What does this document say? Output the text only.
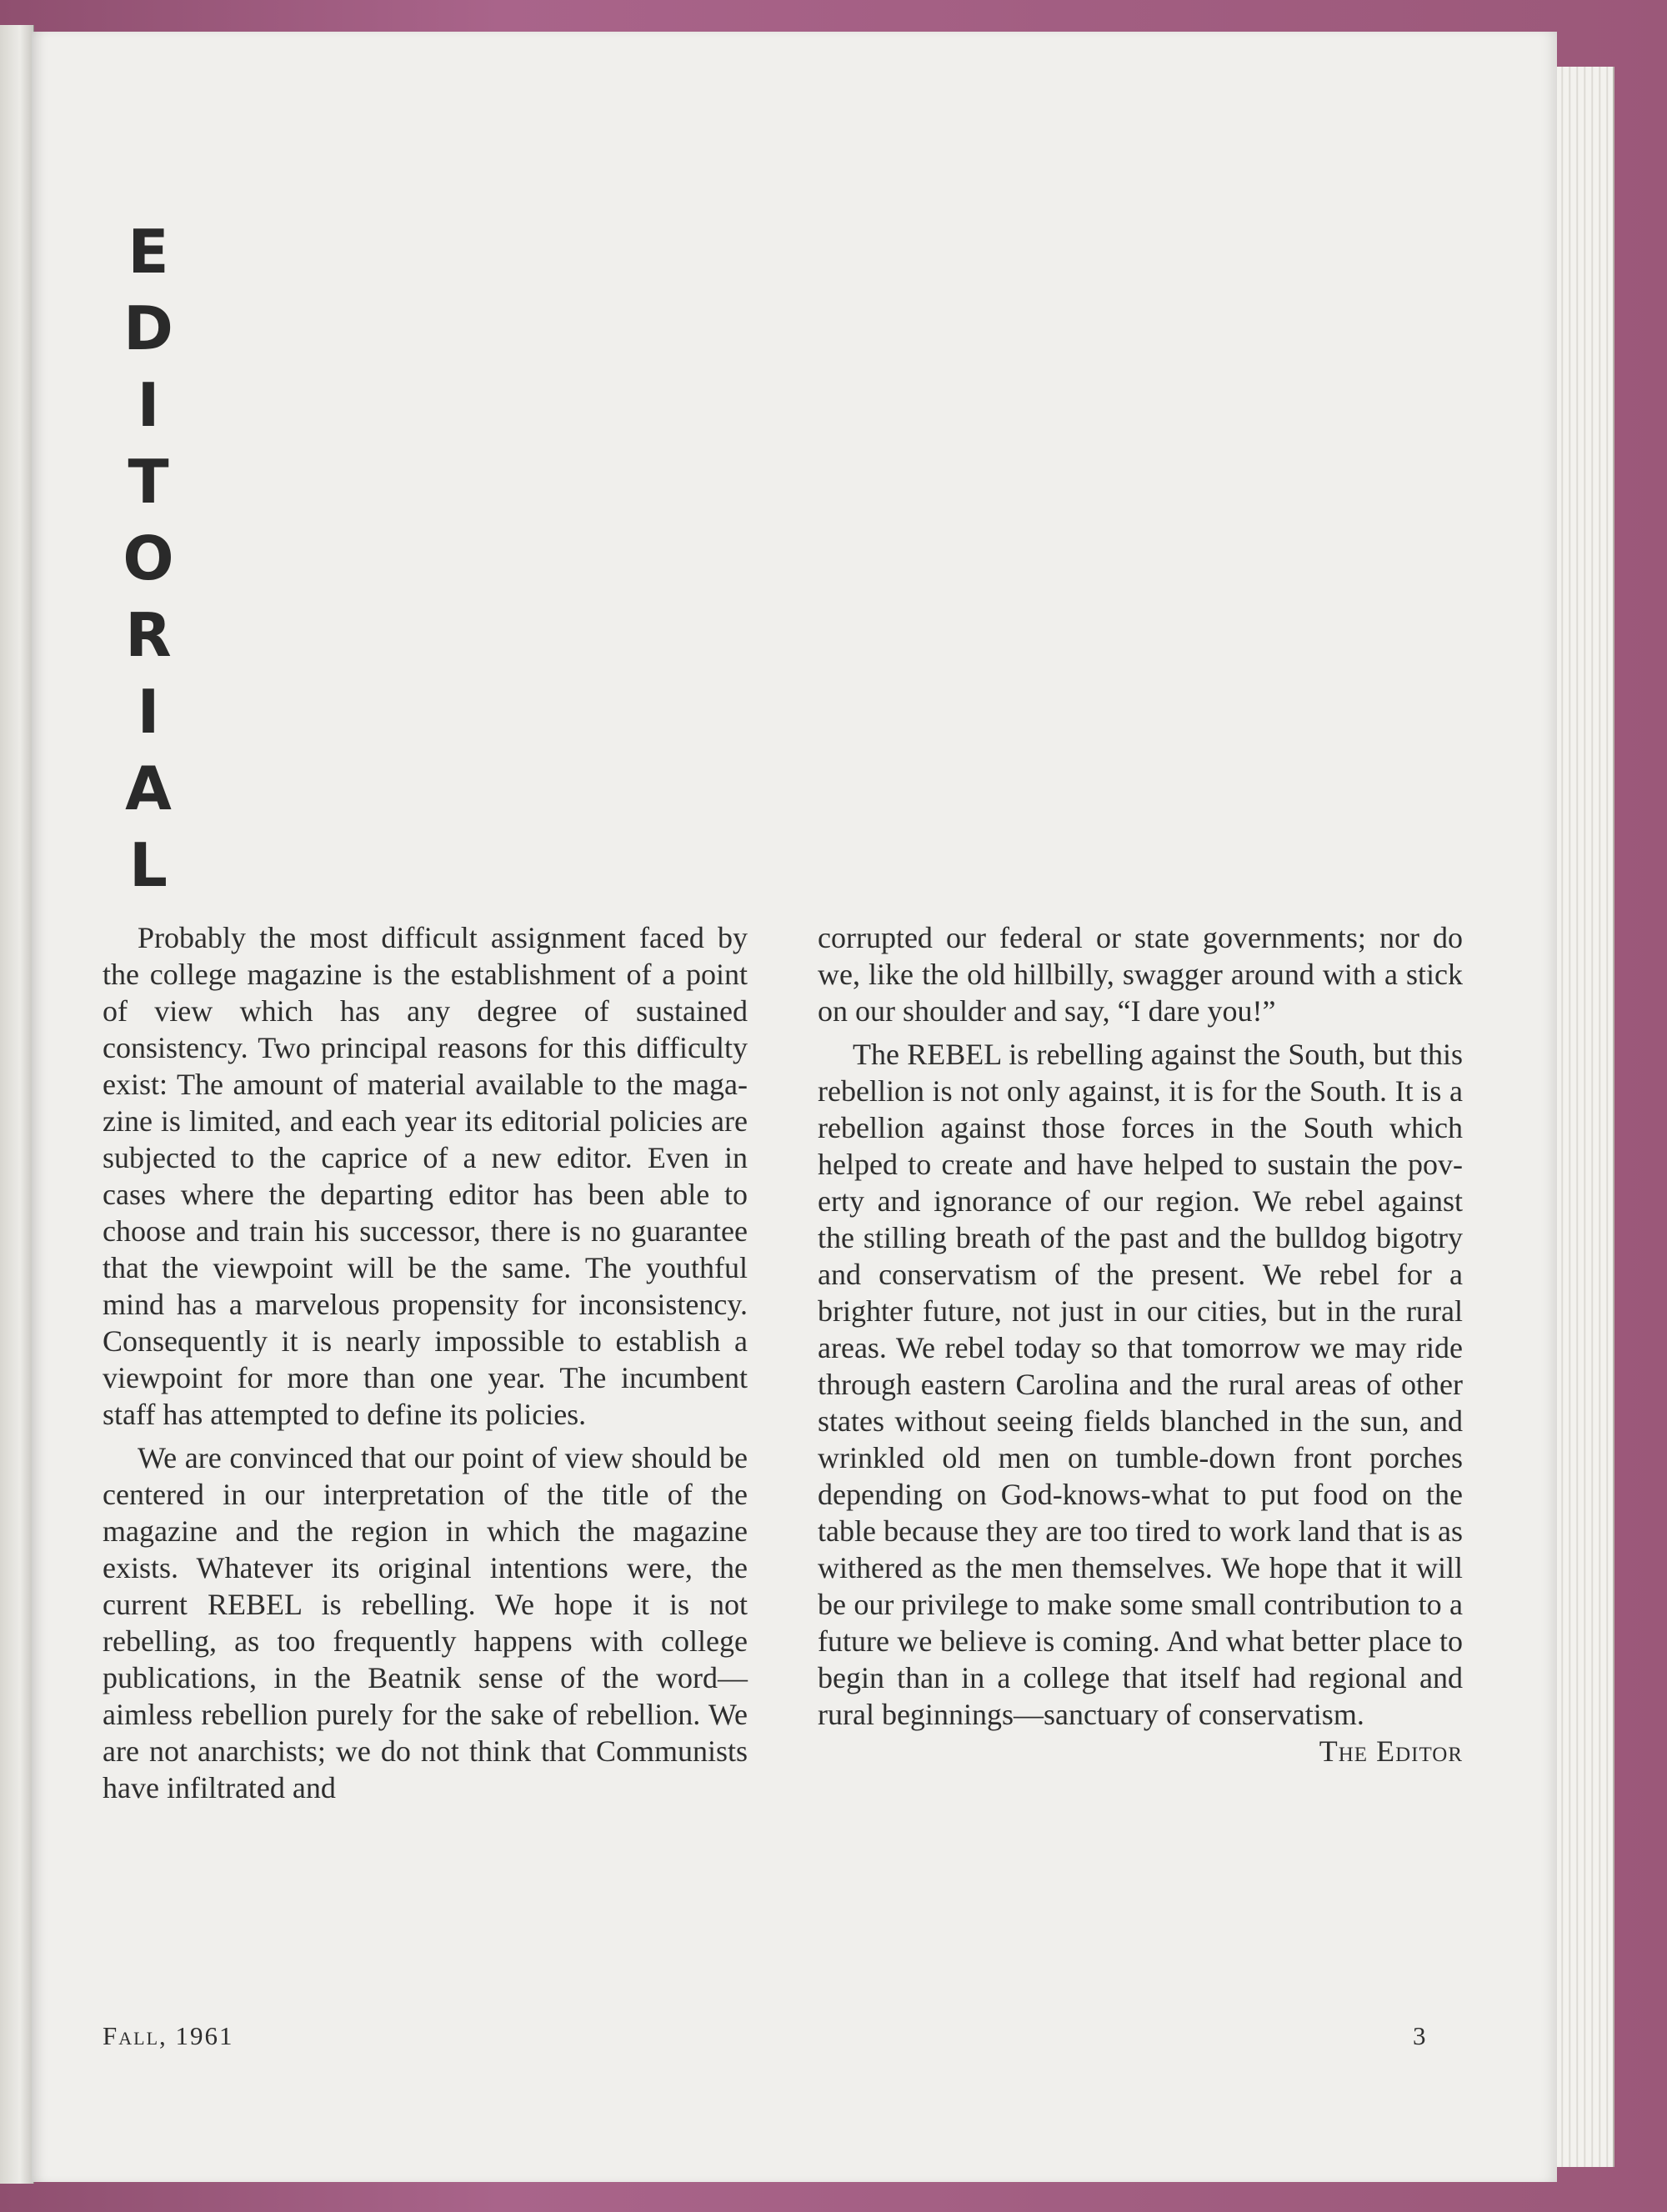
E
D
I
T
O
R
I
A
L

Probably the most difficult assignment faced by the college magazine is the establishment of a point of view which has any degree of sustained consistency. Two principal reasons for this difficulty exist: The amount of material available to the magazine is limited, and each year its editorial policies are subjected to the caprice of a new editor. Even in cases where the departing editor has been able to choose and train his successor, there is no guarantee that the viewpoint will be the same. The youthful mind has a marvelous propensity for inconsistency. Consequently it is nearly impossible to establish a viewpoint for more than one year. The incumbent staff has attempted to define its policies.

We are convinced that our point of view should be centered in our interpretation of the title of the magazine and the region in which the magazine exists. Whatever its original intentions were, the current REBEL is rebelling. We hope it is not rebelling, as too frequently happens with college publications, in the Beatnik sense of the word—aimless rebellion purely for the sake of rebellion. We are not anarchists; we do not think that Communists have infiltrated and

corrupted our federal or state governments; nor do we, like the old hillbilly, swagger around with a stick on our shoulder and say, “I dare you!”

The REBEL is rebelling against the South, but this rebellion is not only against, it is for the South. It is a rebellion against those forces in the South which helped to create and have helped to sustain the poverty and ignorance of our region. We rebel against the stilling breath of the past and the bulldog bigotry and conservatism of the present. We rebel for a brighter future, not just in our cities, but in the rural areas. We rebel today so that tomorrow we may ride through eastern Carolina and the rural areas of other states without seeing fields blanched in the sun, and wrinkled old men on tumble-down front porches depending on God-knows-what to put food on the table because they are too tired to work land that is as withered as the men themselves. We hope that it will be our privilege to make some small contribution to a future we believe is coming. And what better place to begin than in a college that itself had regional and rural beginnings—sanctuary of conservatism.
The Editor

Fall, 1961	3
